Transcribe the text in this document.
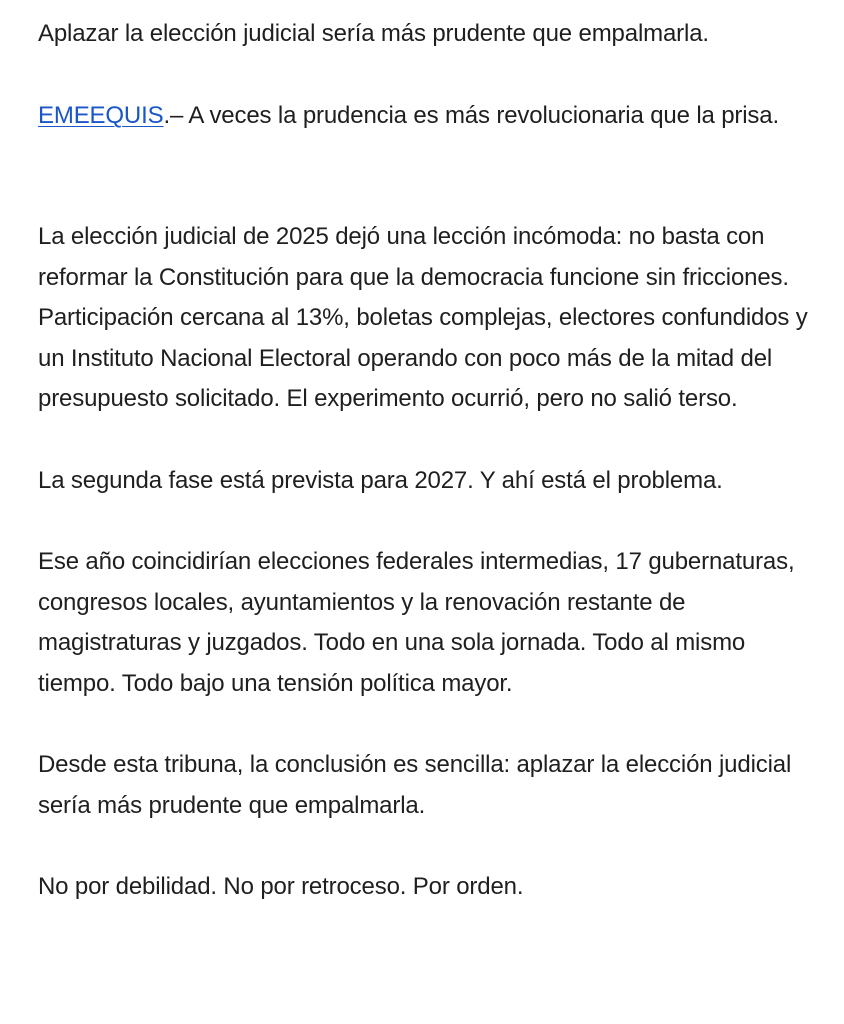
Aplazar la elección judicial sería más prudente que empalmarla.

EMEEQUIS.– A veces la prudencia es más revolucionaria que la prisa.

La elección judicial de 2025 dejó una lección incómoda: no basta con reformar la Constitución para que la democracia funcione sin fricciones. Participación cercana al 13%, boletas complejas, electores confundidos y un Instituto Nacional Electoral operando con poco más de la mitad del presupuesto solicitado. El experimento ocurrió, pero no salió terso.

La segunda fase está prevista para 2027. Y ahí está el problema.

Ese año coincidirían elecciones federales intermedias, 17 gubernaturas, congresos locales, ayuntamientos y la renovación restante de magistraturas y juzgados. Todo en una sola jornada. Todo al mismo tiempo. Todo bajo una tensión política mayor.

Desde esta tribuna, la conclusión es sencilla: aplazar la elección judicial sería más prudente que empalmarla.

No por debilidad. No por retroceso. Por orden.
